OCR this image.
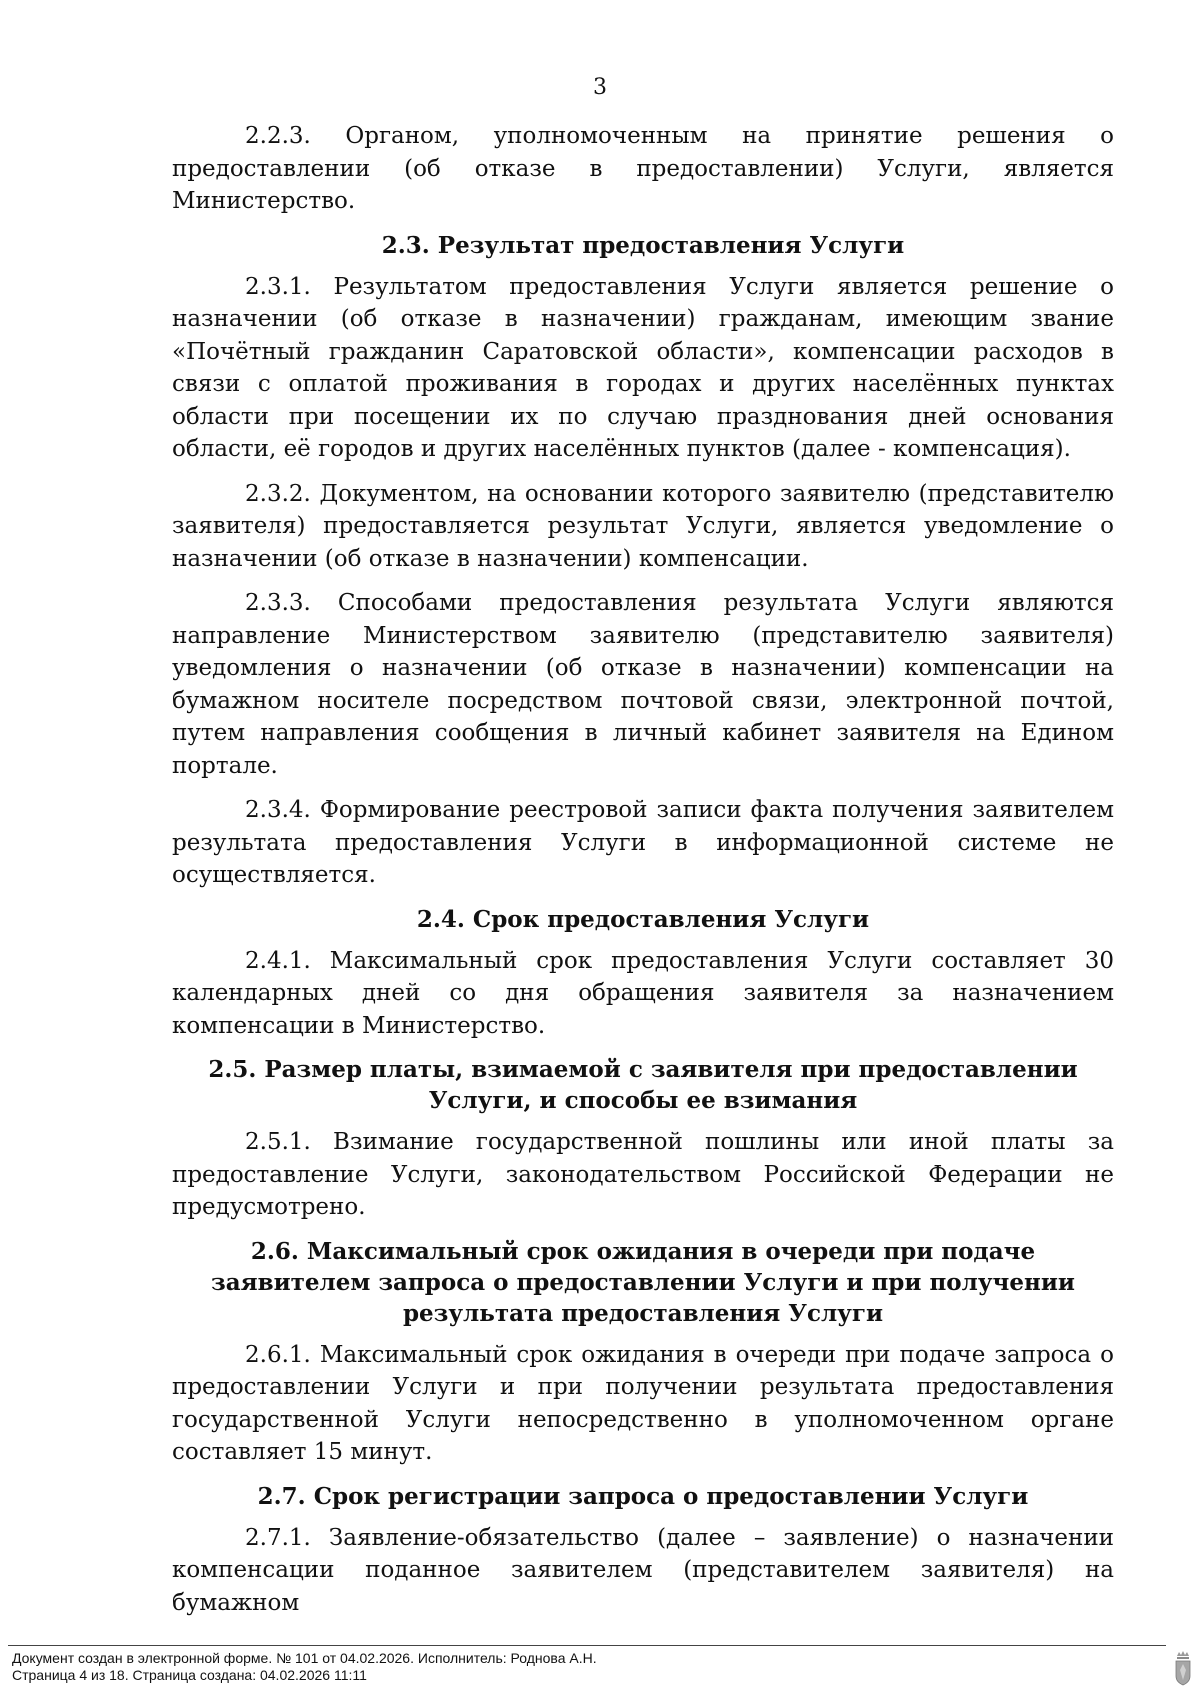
3

2.2.3. Органом, уполномоченным на принятие решения о предоставлении (об отказе в предоставлении) Услуги, является Министерство.

2.3. Результат предоставления Услуги

2.3.1. Результатом предоставления Услуги является решение о назначении (об отказе в назначении) гражданам, имеющим звание «Почётный гражданин Саратовской области», компенсации расходов в связи с оплатой проживания в городах и других населённых пунктах области при посещении их по случаю празднования дней основания области, её городов и других населённых пунктов (далее - компенсация).

2.3.2. Документом, на основании которого заявителю (представителю заявителя) предоставляется результат Услуги, является уведомление о назначении (об отказе в назначении) компенсации.

2.3.3. Способами предоставления результата Услуги являются направление Министерством заявителю (представителю заявителя) уведомления о назначении (об отказе в назначении) компенсации на бумажном носителе посредством почтовой связи, электронной почтой, путем направления сообщения в личный кабинет заявителя на Едином портале.

2.3.4. Формирование реестровой записи факта получения заявителем результата предоставления Услуги в информационной системе не осуществляется.

2.4. Срок предоставления Услуги

2.4.1. Максимальный срок предоставления Услуги составляет 30 календарных дней со дня обращения заявителя за назначением компенсации в Министерство.

2.5. Размер платы, взимаемой с заявителя при предоставлении Услуги, и способы ее взимания

2.5.1. Взимание государственной пошлины или иной платы за предоставление Услуги, законодательством Российской Федерации не предусмотрено.

2.6. Максимальный срок ожидания в очереди при подаче заявителем запроса о предоставлении Услуги и при получении результата предоставления Услуги

2.6.1. Максимальный срок ожидания в очереди при подаче запроса о предоставлении Услуги и при получении результата предоставления государственной Услуги непосредственно в уполномоченном органе составляет 15 минут.

2.7. Срок регистрации запроса о предоставлении Услуги

2.7.1. Заявление-обязательство (далее – заявление) о назначении компенсации поданное заявителем (представителем заявителя) на бумажном

Документ создан в электронной форме. № 101 от 04.02.2026. Исполнитель: Роднова А.Н.
Страница 4 из 18. Страница создана: 04.02.2026 11:11
